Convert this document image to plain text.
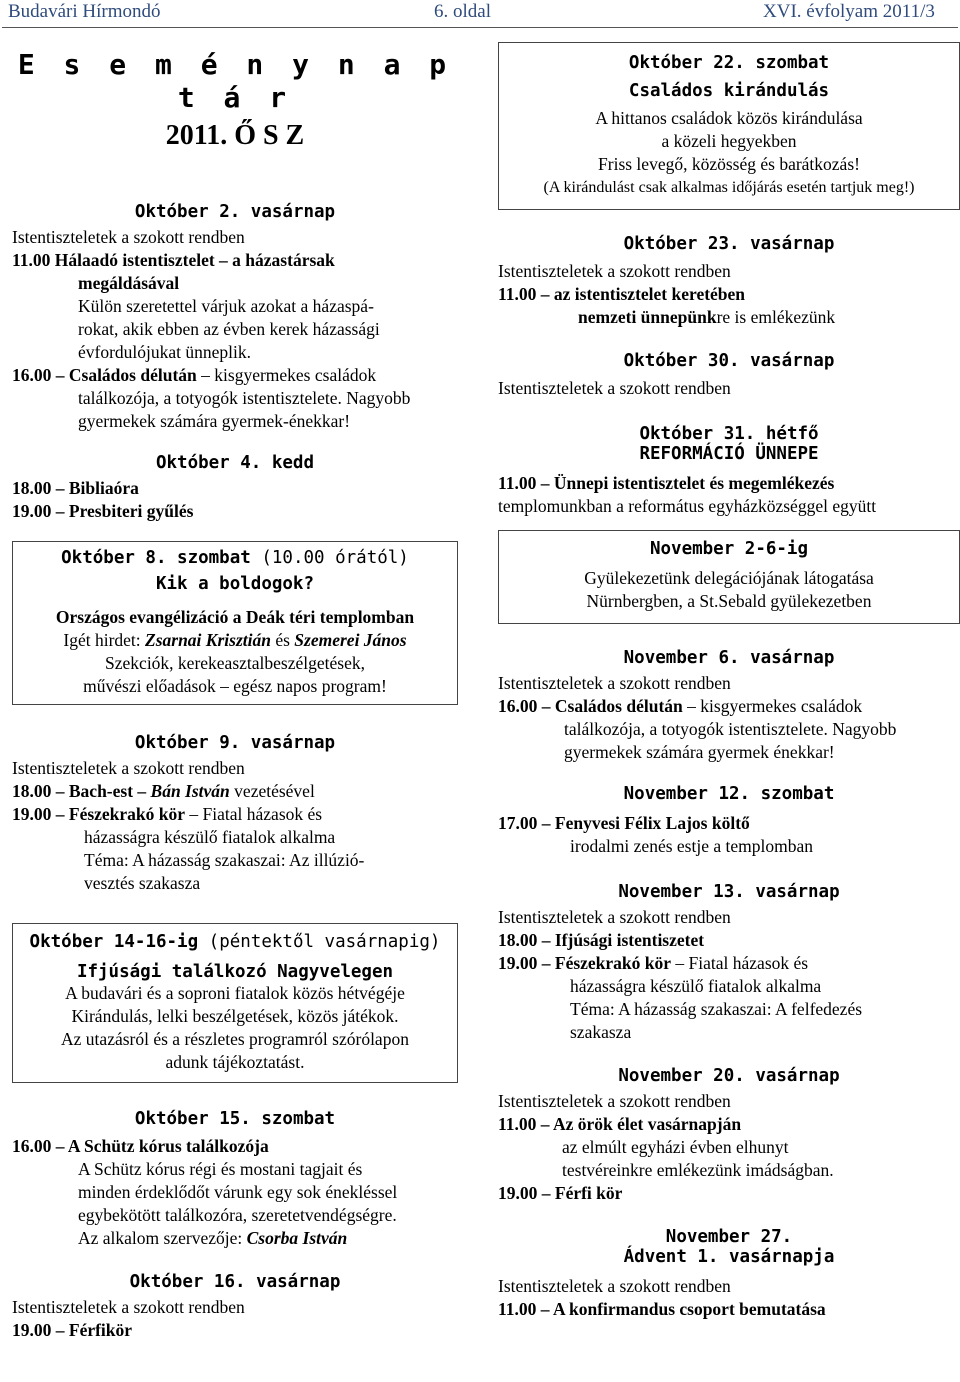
Budavári Hírmondó	6. oldal	XVI. évfolyam 2011/3
E s e m é n y n a p t á r
2011. Ő S Z
Október 2. vasárnap
Istentiszteletek a szokott rendben
11.00 Hálaadó istentisztelet – a házastársak
megáldásával
Külön szeretettel várjuk azokat a házaspá-
rokat, akik ebben az évben kerek házassági
évfordulójukat ünneplik.
16.00 – Családos délután – kisgyermekes családok
találkozója, a totyogók istentisztelete. Nagyobb
gyermekek számára gyermek-énekkar!
Október 4. kedd
18.00 – Bibliaóra
19.00 – Presbiteri gyűlés
Október 8. szombat (10.00 órától)
Kik a boldogok?
Országos evangélizáció a Deák téri templomban
Igét hirdet: Zsarnai Krisztián és Szemerei János
Szekciók, kerekeasztalbeszélgetések,
művészi előadások – egész napos program!
Október 9. vasárnap
Istentiszteletek a szokott rendben
18.00 – Bach-est – Bán István vezetésével
19.00 – Fészekrakó kör – Fiatal házasok és
házasságra készülő fiatalok alkalma
Téma: A házasság szakaszai: Az illúzió-
vesztés szakasza
Október 14-16-ig (péntektől vasárnapig)
Ifjúsági találkozó Nagyvelegen
A budavári és a soproni fiatalok közös hétvégéje
Kirándulás, lelki beszélgetések, közös játékok.
Az utazásról és a részletes programról szórólapon
adunk tájékoztatást.
Október 15. szombat
16.00 – A Schütz kórus találkozója
A Schütz kórus régi és mostani tagjait és
minden érdeklődőt várunk egy sok énekléssel
egybekötött találkozóra, szeretetvendégségre.
Az alkalom szervezője: Csorba István
Október 16. vasárnap
Istentiszteletek a szokott rendben
19.00 – Férfikör
Október 22. szombat
Családos kirándulás
A hittanos családok közös kirándulása
a közeli hegyekben
Friss levegő, közösség és barátkozás!
(A kirándulást csak alkalmas időjárás esetén tartjuk meg!)
Október 23. vasárnap
Istentiszteletek a szokott rendben
11.00 – az istentisztelet keretében
nemzeti ünnepünkre is emlékezünk
Október 30. vasárnap
Istentiszteletek a szokott rendben
Október 31. hétfő
REFORMÁCIÓ ÜNNEPE
11.00 – Ünnepi istentisztelet és megemlékezés
templomunkban a református egyházközséggel együtt
November 2-6-ig
Gyülekezetünk delegációjának látogatása
Nürnbergben, a St.Sebald gyülekezetben
November 6. vasárnap
Istentiszteletek a szokott rendben
16.00 – Családos délután – kisgyermekes családok
találkozója, a totyogók istentisztelete. Nagyobb
gyermekek számára gyermek énekkar!
November 12. szombat
17.00 – Fenyvesi Félix Lajos költő
irodalmi zenés estje a templomban
November 13. vasárnap
Istentiszteletek a szokott rendben
18.00 – Ifjúsági istentiszetet
19.00 – Fészekrakó kör – Fiatal házasok és
házasságra készülő fiatalok alkalma
Téma: A házasság szakaszai: A felfedezés
szakasza
November 20. vasárnap
Istentiszteletek a szokott rendben
11.00 – Az örök élet vasárnapján
az elmúlt egyházi évben elhunyt
testvéreinkre emlékezünk imádságban.
19.00 – Férfi kör
November 27.
Ádvent 1. vasárnapja
Istentiszteletek a szokott rendben
11.00 – A konfirmandus csoport bemutatása
